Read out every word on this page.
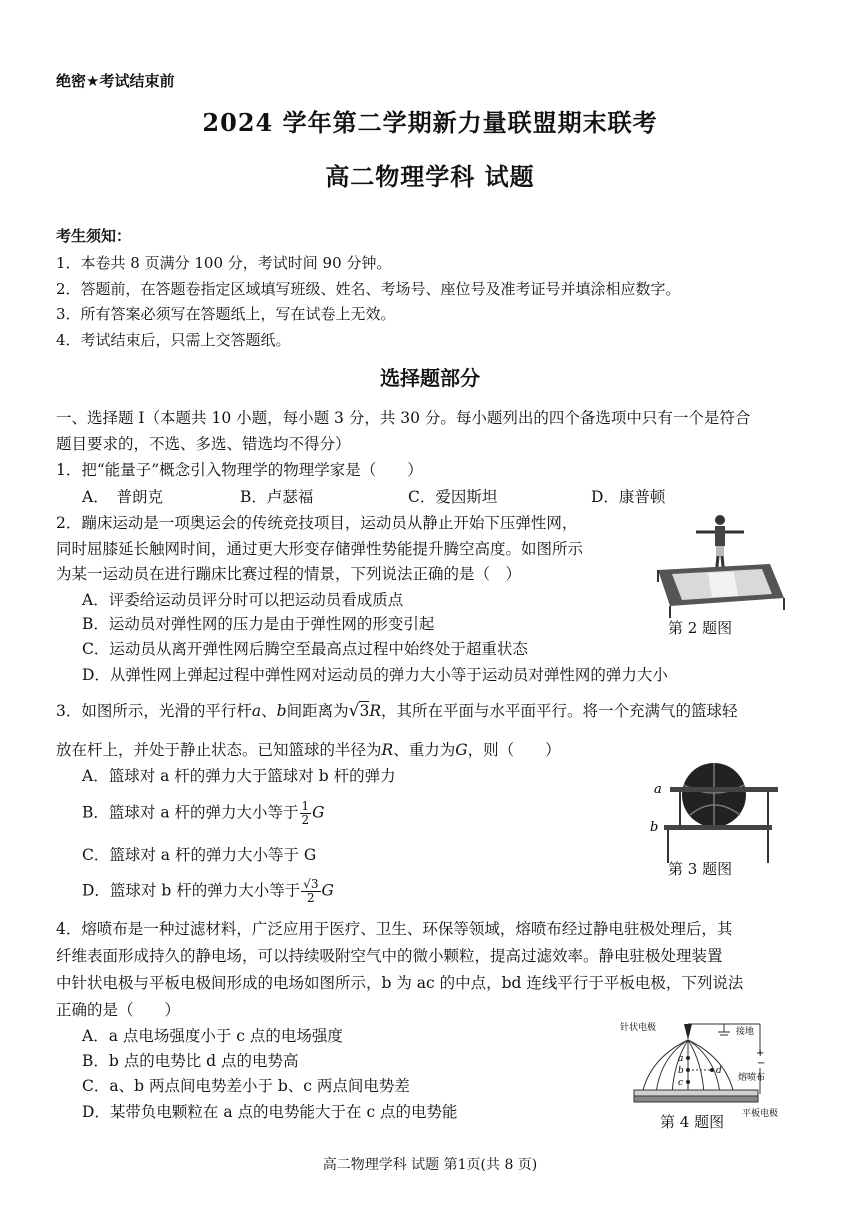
绝密★考试结束前
2024 学年第二学期新力量联盟期末联考
高二物理学科 试题
考生须知：
1．本卷共 8 页满分 100 分，考试时间 90 分钟。
2．答题前，在答题卷指定区域填写班级、姓名、考场号、座位号及准考证号并填涂相应数字。
3．所有答案必须写在答题纸上，写在试卷上无效。
4．考试结束后，只需上交答题纸。
选择题部分
一、选择题 I（本题共 10 小题，每小题 3 分，共 30 分。每小题列出的四个备选项中只有一个是符合
题目要求的，不选、多选、错选均不得分）
1．把“能量子”概念引入物理学的物理学家是（　　）
A．　普朗克	B．卢瑟福	C．爱因斯坦	D．康普顿
2．蹦床运动是一项奥运会的传统竞技项目，运动员从静止开始下压弹性网，
同时屈膝延长触网时间，通过更大形变存储弹性势能提升腾空高度。如图所示
为某一运动员在进行蹦床比赛过程的情景，下列说法正确的是（　）
A．评委给运动员评分时可以把运动员看成质点
B．运动员对弹性网的压力是由于弹性网的形变引起
C．运动员从离开弹性网后腾空至最高点过程中始终处于超重状态
D．从弹性网上弹起过程中弹性网对运动员的弹力大小等于运动员对弹性网的弹力大小
第 2 题图
3．如图所示，光滑的平行杆a、b间距离为√3R，其所在平面与水平面平行。将一个充满气的篮球轻
放在杆上，并处于静止状态。已知篮球的半径为R、重力为G，则（　　）
A．篮球对 a 杆的弹力大于篮球对 b 杆的弹力
B．篮球对 a 杆的弹力大小等于 $\frac{1}{2}$ G
C．篮球对 a 杆的弹力大小等于 G
D．篮球对 b 杆的弹力大小等于 $\frac{√3}{2}$ G
a
b
第 3 题图
4．熔喷布是一种过滤材料，广泛应用于医疗、卫生、环保等领域，熔喷布经过静电驻极处理后，其
纤维表面形成持久的静电场，可以持续吸附空气中的微小颗粒，提高过滤效率。静电驻极处理装置
中针状电极与平板电极间形成的电场如图所示，b 为 ac 的中点，bd 连线平行于平板电极，下列说法
正确的是（　　）
A．a 点电场强度小于 c 点的电场强度
B．b 点的电势比 d 点的电势高
C．a、b 两点间电势差小于 b、c 两点间电势差
D．某带负电颗粒在 a 点的电势能大于在 c 点的电势能
针状电极	接地
+
−
a
b
c
d
熔喷布
平板电极
第 4 题图
高二物理学科 试题 第1页(共 8 页)
